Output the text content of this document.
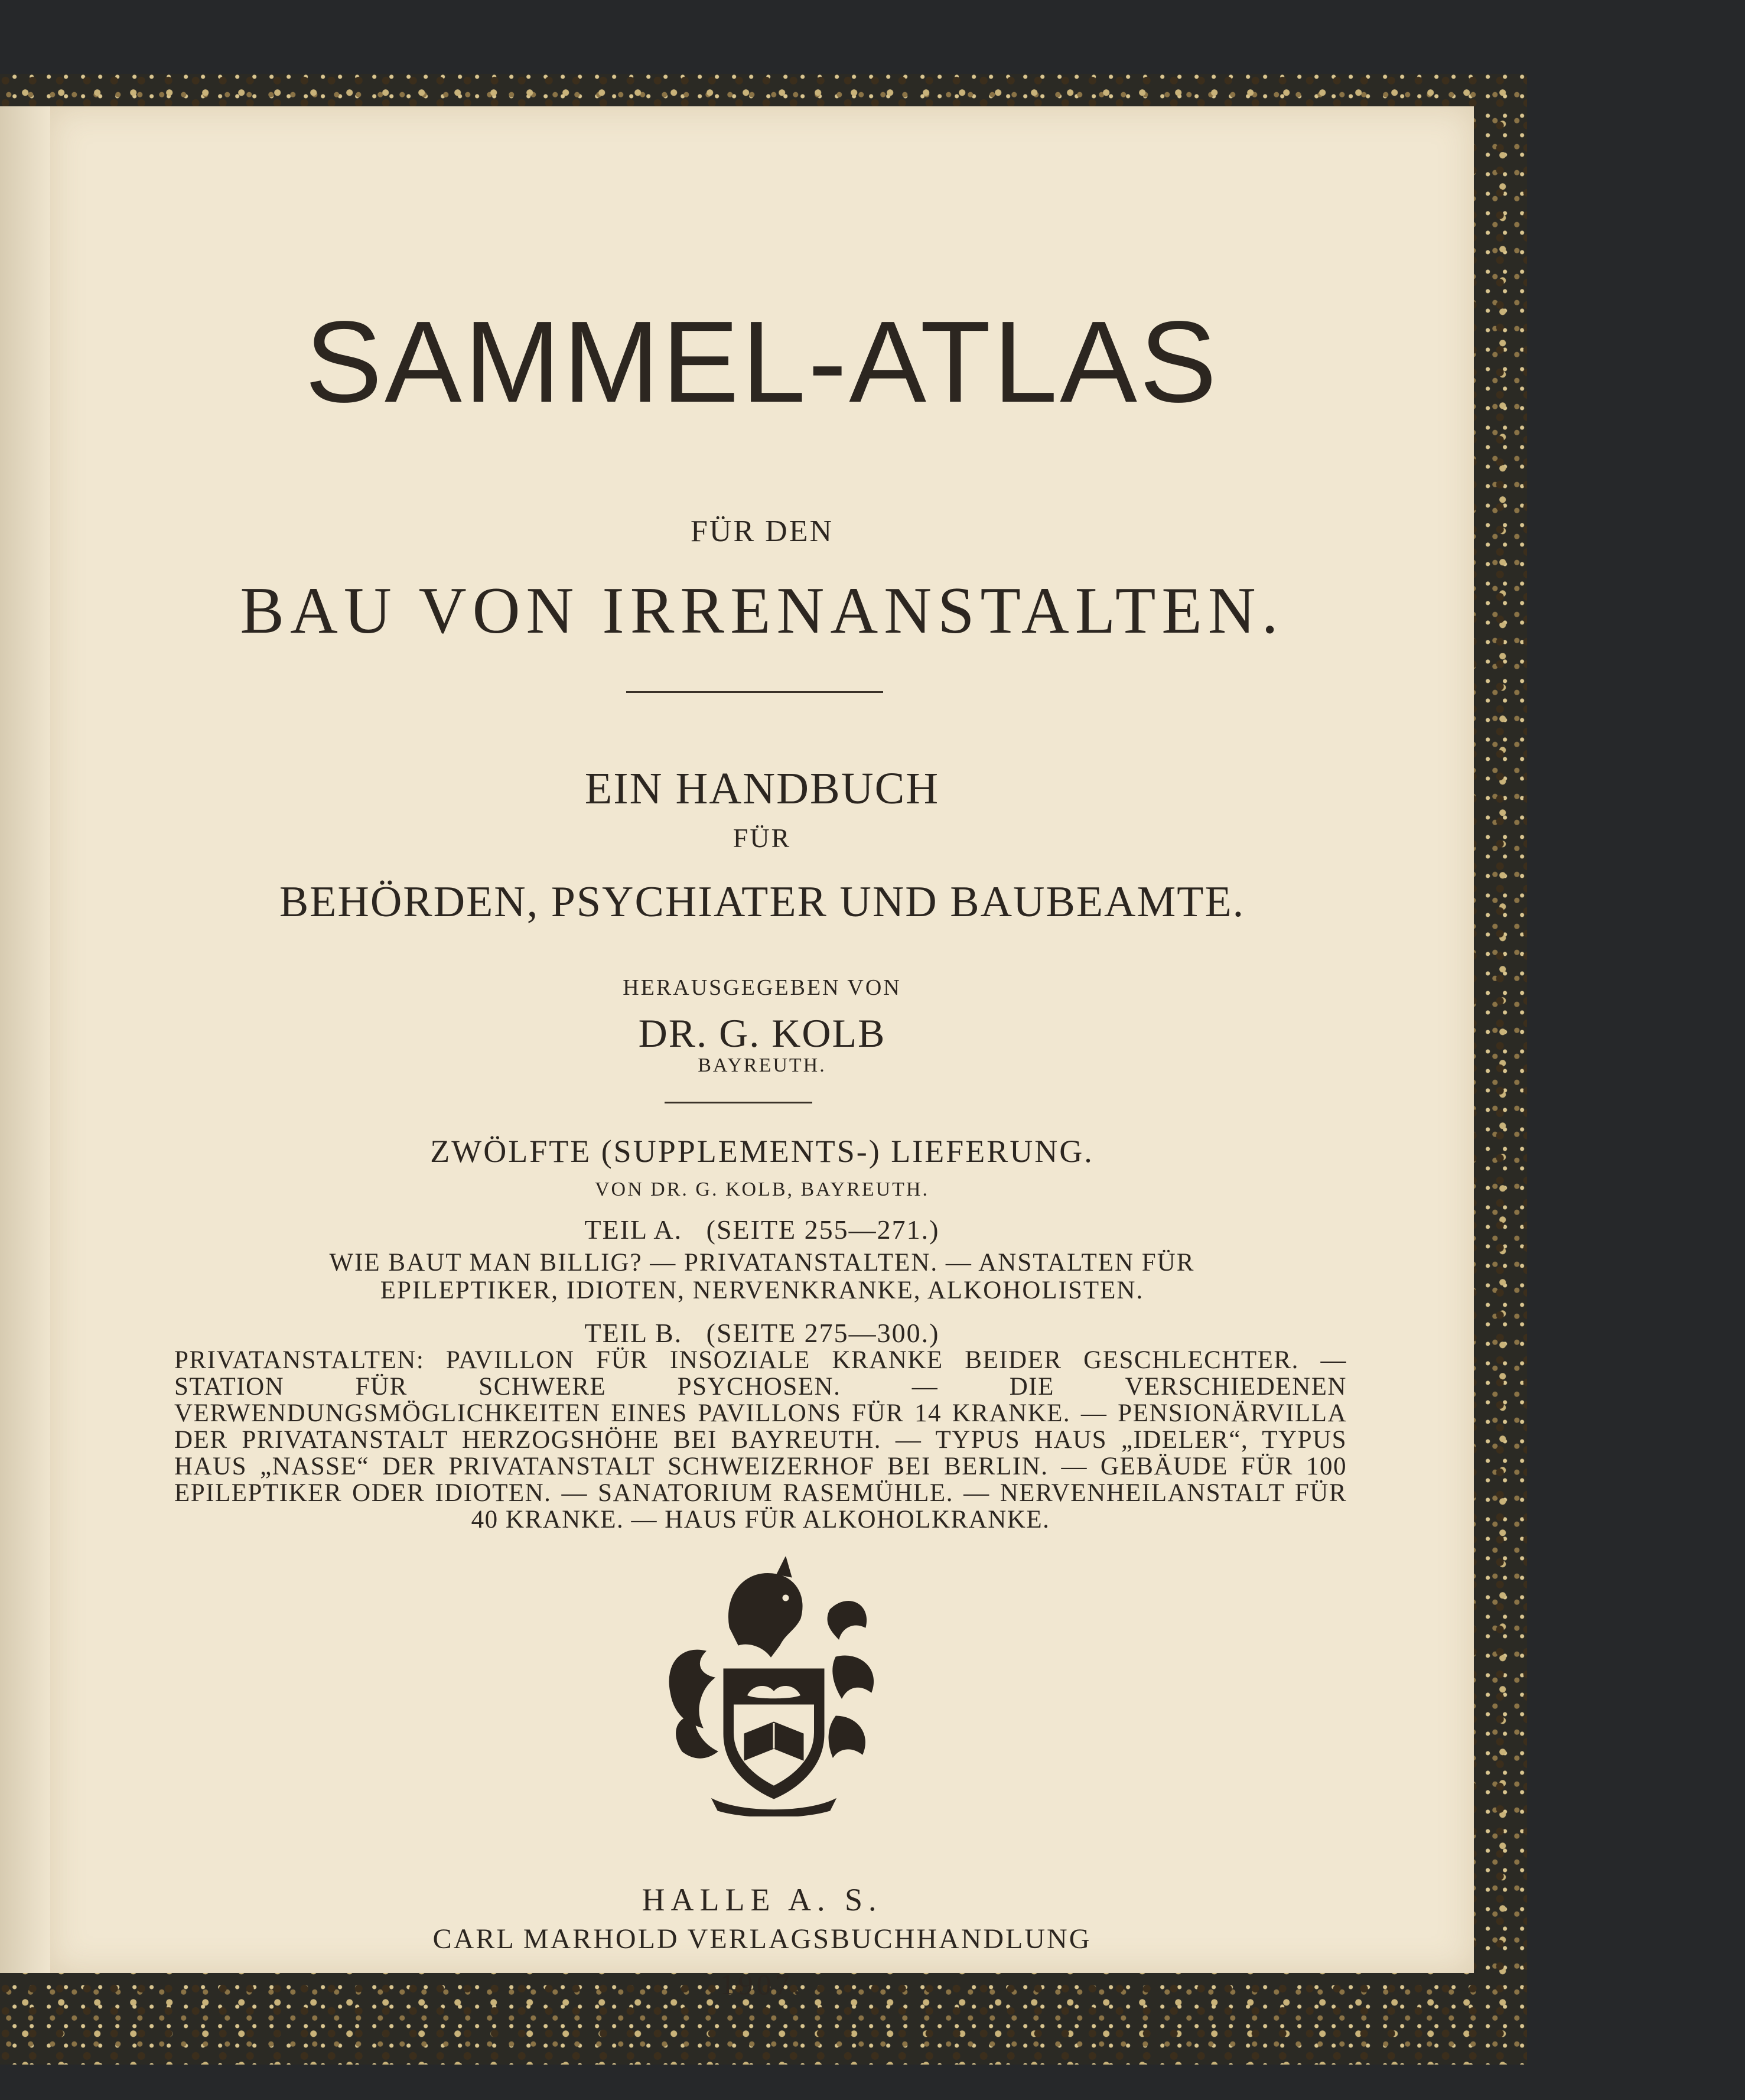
SAMMEL-ATLAS
FÜR DEN
BAU VON IRRENANSTALTEN.
EIN HANDBUCH
FÜR
BEHÖRDEN, PSYCHIATER UND BAUBEAMTE.
HERAUSGEGEBEN VON
DR. G. KOLB
BAYREUTH.
ZWÖLFTE (SUPPLEMENTS-) LIEFERUNG.
VON DR. G. KOLB, BAYREUTH.
TEIL A.   (SEITE 255—271.)
WIE BAUT MAN BILLIG? — PRIVATANSTALTEN. — ANSTALTEN FÜR
EPILEPTIKER, IDIOTEN, NERVENKRANKE, ALKOHOLISTEN.
TEIL B.   (SEITE 275—300.)
PRIVATANSTALTEN: PAVILLON FÜR INSOZIALE KRANKE BEIDER GESCHLECHTER. — STATION FÜR SCHWERE PSYCHOSEN. — DIE VERSCHIEDENEN VERWENDUNGSMÖGLICHKEITEN EINES PAVILLONS FÜR 14 KRANKE. — PENSIONÄRVILLA DER PRIVATANSTALT HERZOGSHÖHE BEI BAYREUTH. — TYPUS HAUS „IDELER“, TYPUS HAUS „NASSE“ DER PRIVATANSTALT SCHWEIZERHOF BEI BERLIN. — GEBÄUDE FÜR 100 EPILEPTIKER ODER IDIOTEN. — SANATORIUM RASEMÜHLE. — NERVENHEILANSTALT FÜR 40 KRANKE. — HAUS FÜR ALKOHOLKRANKE.
HALLE A. S.
CARL MARHOLD VERLAGSBUCHHANDLUNG
1907.
